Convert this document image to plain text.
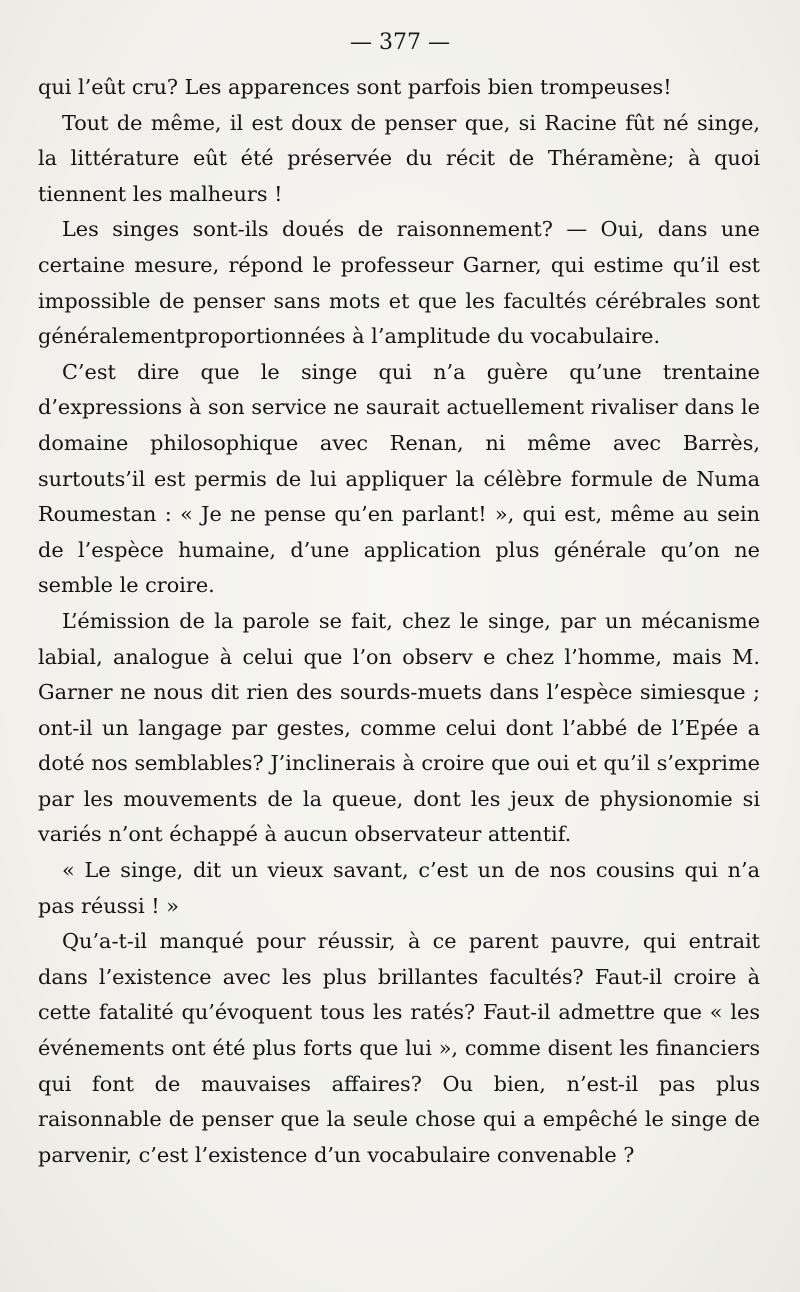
— 377 —

qui l’eût cru? Les apparences sont parfois bien trompeuses!

Tout de même, il est doux de penser que, si Racine fût né singe, la littérature eût été préservée du récit de Théramène; à quoi tiennent les malheurs !

Les singes sont-ils doués de raisonnement? — Oui, dans une certaine mesure, répond le professeur Garner, qui estime qu’il est impossible de penser sans mots et que les facultés cérébrales sont généralementproportionnées à l’amplitude du vocabulaire.

C’est dire que le singe qui n’a guère qu’une trentaine d’expressions à son service ne saurait actuellement rivaliser dans le domaine philosophique avec Renan, ni même avec Barrès, surtouts’il est permis de lui appliquer la célèbre formule de Numa Roumestan : « Je ne pense qu’en parlant! », qui est, même au sein de l’espèce humaine, d’une application plus générale qu’on ne semble le croire.

L’émission de la parole se fait, chez le singe, par un mécanisme labial, analogue à celui que l’on observ e chez l’homme, mais M. Garner ne nous dit rien des sourds-muets dans l’espèce simiesque ; ont-il un langage par gestes, comme celui dont l’abbé de l’Epée a doté nos semblables? J’inclinerais à croire que oui et qu’il s’exprime par les mouvements de la queue, dont les jeux de physionomie si variés n’ont échappé à aucun observateur attentif.

« Le singe, dit un vieux savant, c’est un de nos cousins qui n’a pas réussi ! »

Qu’a-t-il manqué pour réussir, à ce parent pauvre, qui entrait dans l’existence avec les plus brillantes facultés? Faut-il croire à cette fatalité qu’évoquent tous les ratés? Faut-il admettre que « les événements ont été plus forts que lui », comme disent les financiers qui font de mauvaises affaires? Ou bien, n’est-il pas plus raisonnable de penser que la seule chose qui a empêché le singe de parvenir, c’est l’existence d’un vocabulaire convenable ?
